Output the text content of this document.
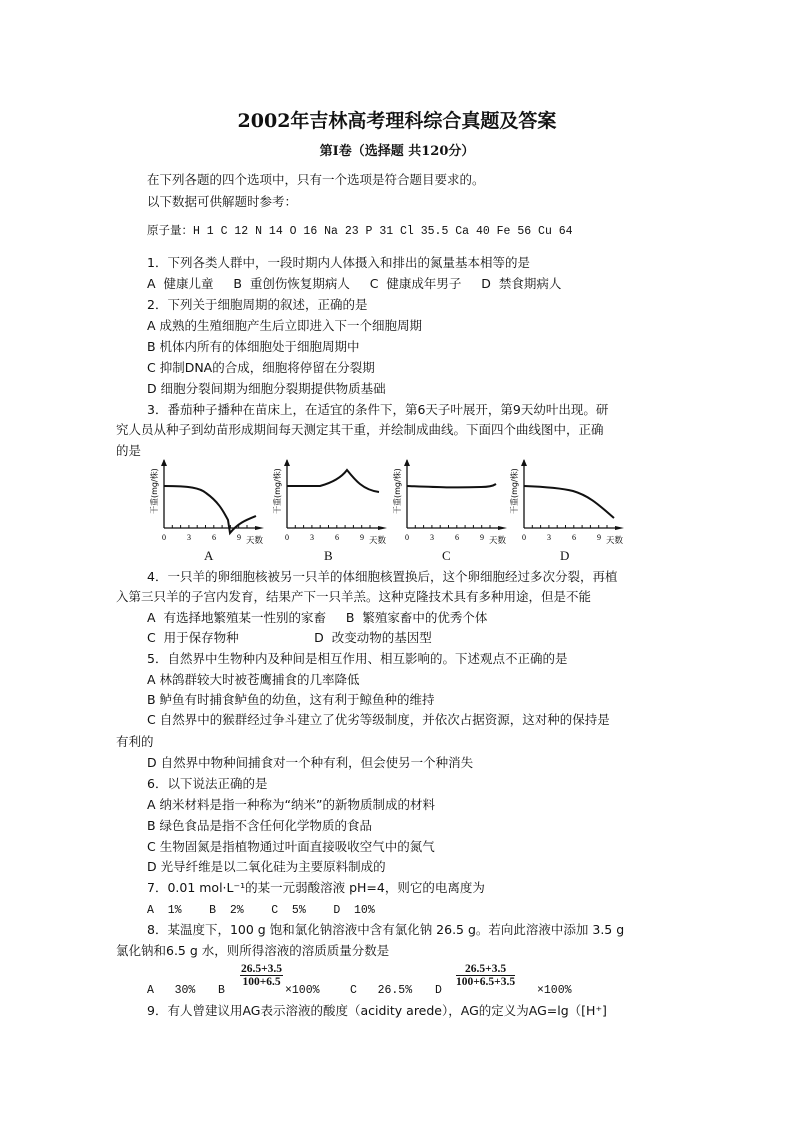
2002年吉林高考理科综合真题及答案
第Ⅰ卷（选择题 共120分）
在下列各题的四个选项中，只有一个选项是符合题目要求的。
以下数据可供解题时参考：
原子量：H 1 C 12 N 14 O 16 Na 23 P 31 Cl 35.5 Ca 40 Fe 56 Cu 64
1．下列各类人群中，一段时期内人体摄入和排出的氮量基本相等的是
A  健康儿童     B  重创伤恢复期病人     C  健康成年男子     D  禁食期病人
2．下列关于细胞周期的叙述，正确的是
A 成熟的生殖细胞产生后立即进入下一个细胞周期
B 机体内所有的体细胞处于细胞周期中
C 抑制DNA的合成，细胞将停留在分裂期
D 细胞分裂间期为细胞分裂期提供物质基础
3．番茄种子播种在苗床上，在适宜的条件下，第6天子叶展开，第9天幼叶出现。研
究人员从种子到幼苗形成期间每天测定其干重，并绘制成曲线。下面四个曲线图中，正确
的是
干重(mg/株)
0	3	6	9 天数
A
干重(mg/株)
0	3	6	9 天数
B
干重(mg/株)
0	3	6	9 天数
C
干重(mg/株)
0	3	6	9 天数
D
4．一只羊的卵细胞核被另一只羊的体细胞核置换后，这个卵细胞经过多次分裂，再植
入第三只羊的子宫内发育，结果产下一只羊羔。这种克隆技术具有多种用途，但是不能
A  有选择地繁殖某一性别的家畜     B  繁殖家畜中的优秀个体
C  用于保存物种                   D  改变动物的基因型
5．自然界中生物种内及种间是相互作用、相互影响的。下述观点不正确的是
A 林鸽群较大时被苍鹰捕食的几率降低
B 鲈鱼有时捕食鲈鱼的幼鱼，这有利于鲸鱼种的维持
C 自然界中的猴群经过争斗建立了优劣等级制度，并依次占据资源，这对种的保持是
有利的
D 自然界中物种间捕食对一个种有利，但会使另一个种消失
6．以下说法正确的是
A 纳米材料是指一种称为“纳米”的新物质制成的材料
B 绿色食品是指不含任何化学物质的食品
C 生物固氮是指植物通过叶面直接吸收空气中的氮气
D 光导纤维是以二氧化硅为主要原料制成的
7．0.01 mol·L⁻¹的某一元弱酸溶液 pH=4，则它的电离度为
A  1%    B  2%    C  5%    D  10%
8．某温度下，100 g 饱和氯化钠溶液中含有氯化钠 26.5 g。若向此溶液中添加 3.5 g
氯化钠和6.5 g 水，则所得溶液的溶质质量分数是
A   30% B
$\frac{26.5+3.5}{100+6.5}$
×100%	C   26.5% D
$\frac{26.5+3.5}{100+6.5+3.5}$
×100%
9．有人曾建议用AG表示溶液的酸度（acidity arede），AG的定义为AG=lg（[H⁺]
